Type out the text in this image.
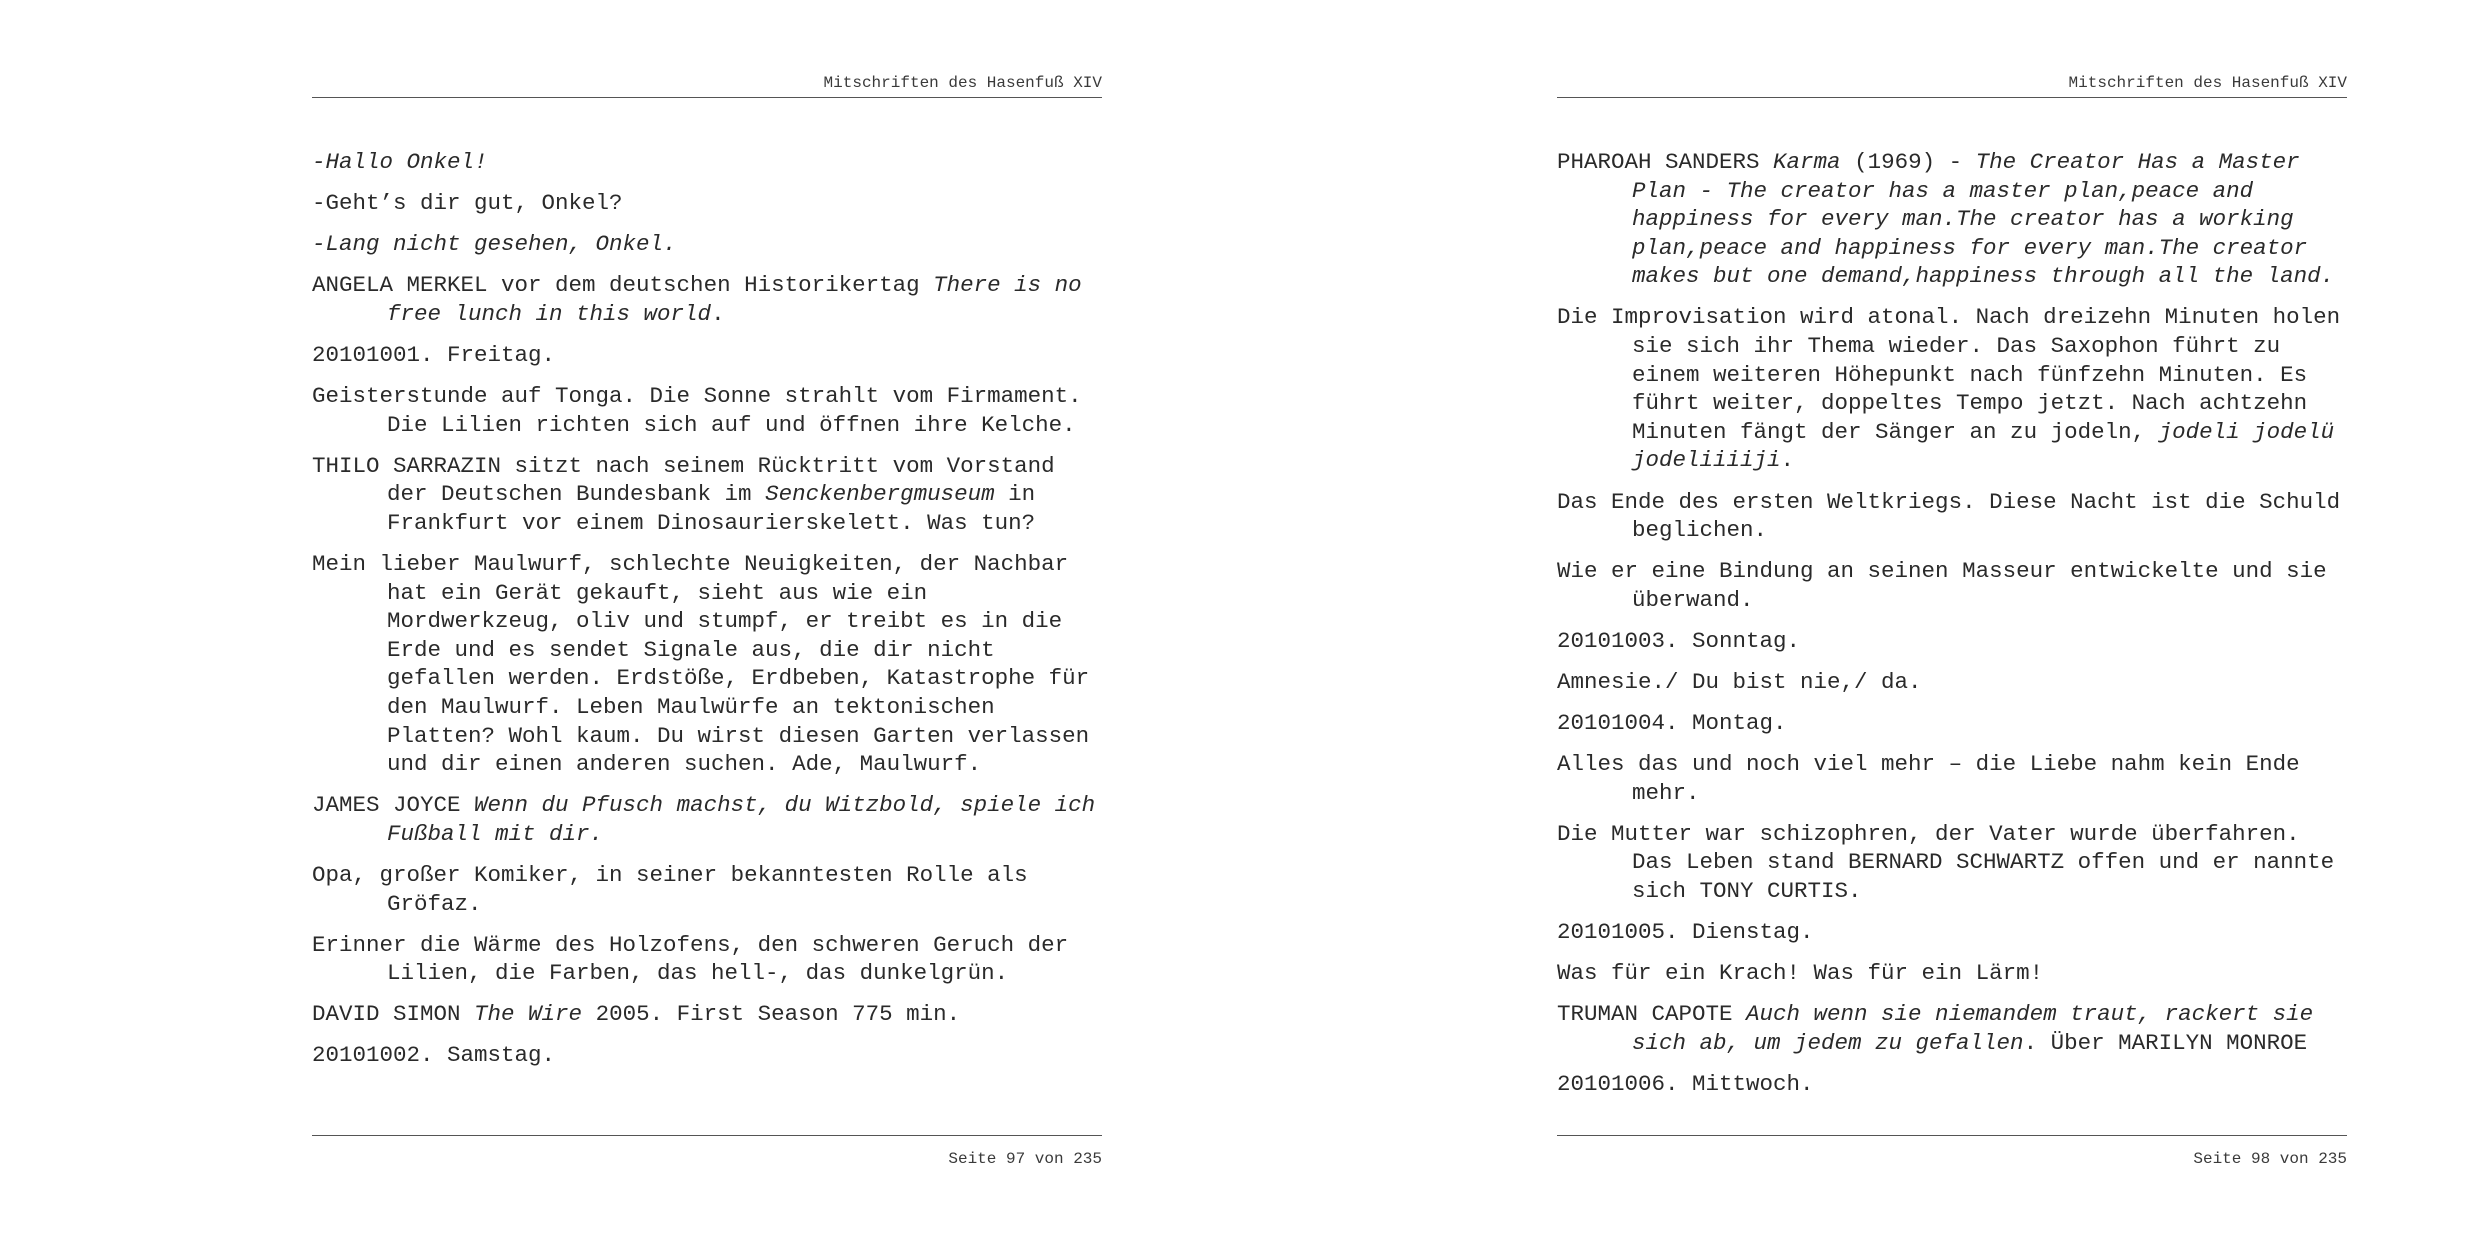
Mitschriften des Hasenfuß XIV

-Hallo Onkel!

-Geht’s dir gut, Onkel?

-Lang nicht gesehen, Onkel.

ANGELA MERKEL vor dem deutschen Historikertag There is no free lunch in this world.

20101001. Freitag.

Geisterstunde auf Tonga. Die Sonne strahlt vom Firmament. Die Lilien richten sich auf und öffnen ihre Kelche.

THILO SARRAZIN sitzt nach seinem Rücktritt vom Vorstand der Deutschen Bundesbank im Senckenbergmuseum in Frankfurt vor einem Dinosaurierskelett. Was tun?

Mein lieber Maulwurf, schlechte Neuigkeiten, der Nachbar hat ein Gerät gekauft, sieht aus wie ein Mordwerkzeug, oliv und stumpf, er treibt es in die Erde und es sendet Signale aus, die dir nicht gefallen werden. Erdstöße, Erdbeben, Katastrophe für den Maulwurf. Leben Maulwürfe an tektonischen Platten? Wohl kaum. Du wirst diesen Garten verlassen und dir einen anderen suchen. Ade, Maulwurf.

JAMES JOYCE Wenn du Pfusch machst, du Witzbold, spiele ich Fußball mit dir.

Opa, großer Komiker, in seiner bekanntesten Rolle als Gröfaz.

Erinner die Wärme des Holzofens, den schweren Geruch der Lilien, die Farben, das hell-, das dunkelgrün.

DAVID SIMON The Wire 2005. First Season 775 min.

20101002. Samstag.

Seite 97 von 235
Mitschriften des Hasenfuß XIV

PHAROAH SANDERS Karma (1969) - The Creator Has a Master Plan - The creator has a master plan,peace and happiness for every man.The creator has a working plan,peace and happiness for every man.The creator makes but one demand,happiness through all the land.

Die Improvisation wird atonal. Nach dreizehn Minuten holen sie sich ihr Thema wieder. Das Saxophon führt zu einem weiteren Höhepunkt nach fünfzehn Minuten. Es führt weiter, doppeltes Tempo jetzt. Nach achtzehn Minuten fängt der Sänger an zu jodeln, jodeli jodelü jodeliiiiji.

Das Ende des ersten Weltkriegs. Diese Nacht ist die Schuld beglichen.

Wie er eine Bindung an seinen Masseur entwickelte und sie überwand.

20101003. Sonntag.

Amnesie./ Du bist nie,/ da.

20101004. Montag.

Alles das und noch viel mehr – die Liebe nahm kein Ende mehr.

Die Mutter war schizophren, der Vater wurde überfahren. Das Leben stand BERNARD SCHWARTZ offen und er nannte sich TONY CURTIS.

20101005. Dienstag.

Was für ein Krach! Was für ein Lärm!

TRUMAN CAPOTE Auch wenn sie niemandem traut, rackert sie sich ab, um jedem zu gefallen. Über MARILYN MONROE

20101006. Mittwoch.

Seite 98 von 235
